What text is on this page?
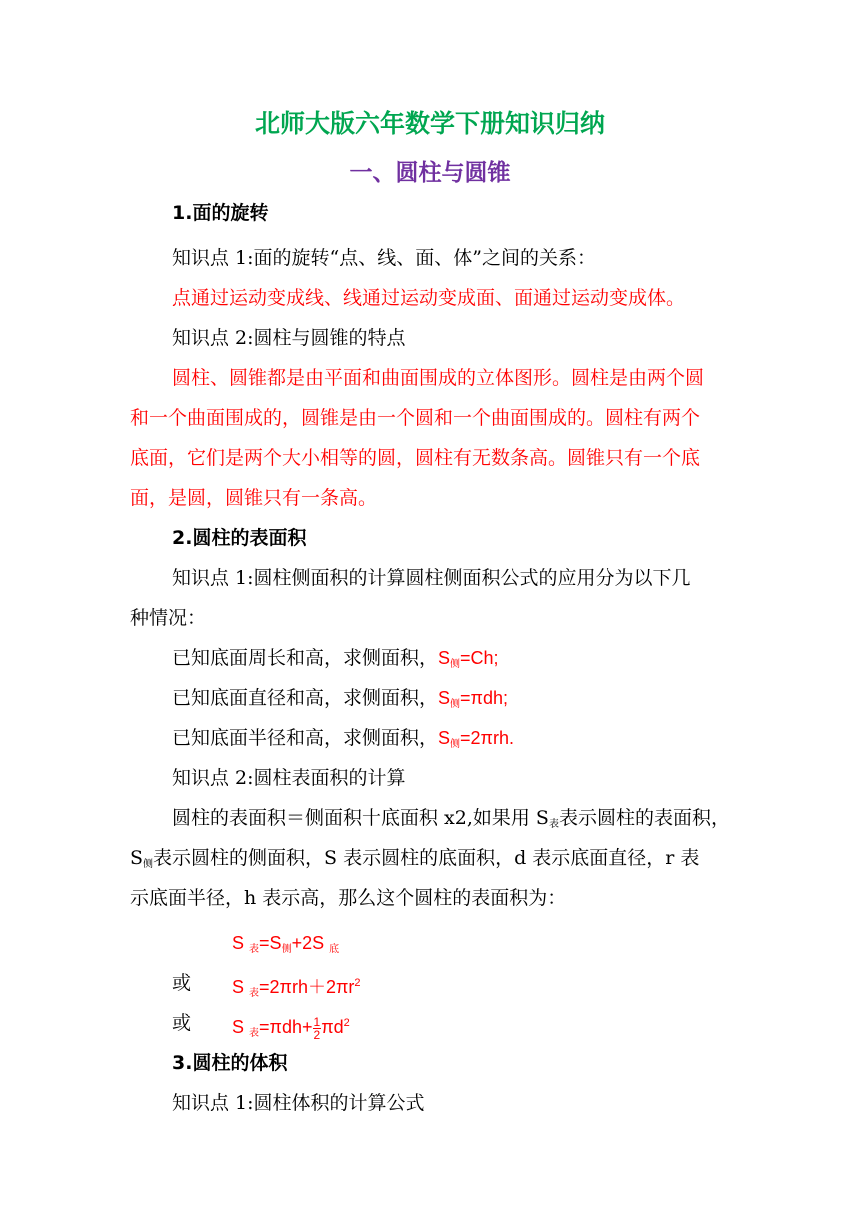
北师大版六年数学下册知识归纳
一、圆柱与圆锥
1.面的旋转
知识点 1:面的旋转“点、线、面、体”之间的关系：
点通过运动变成线、线通过运动变成面、面通过运动变成体。
知识点 2:圆柱与圆锥的特点
圆柱、圆锥都是由平面和曲面围成的立体图形。圆柱是由两个圆
和一个曲面围成的，圆锥是由一个圆和一个曲面围成的。圆柱有两个
底面，它们是两个大小相等的圆，圆柱有无数条高。圆锥只有一个底
面，是圆，圆锥只有一条高。
2.圆柱的表面积
知识点 1:圆柱侧面积的计算圆柱侧面积公式的应用分为以下几
种情况：
已知底面周长和高，求侧面积，$S_侧=Ch$;
已知底面直径和高，求侧面积，$S_侧=\pi dh$;
已知底面半径和高，求侧面积，$S_侧=2\pi rh$.
知识点 2:圆柱表面积的计算
圆柱的表面积＝侧面积十底面积 x2,如果用 $S_表$表示圆柱的表面积，
$S_侧$表示圆柱的侧面积，S 表示圆柱的底面积，d 表示底面直径，r 表
示底面半径，h 表示高，那么这个圆柱的表面积为：
S $_表=S_侧+2S$ $_底$
或 S $_表=2\pi rh+2\pi r^2$
或 S $_表=\pi dh+ \frac{1}{2} \pi d^2$
3.圆柱的体积
知识点 1:圆柱体积的计算公式
